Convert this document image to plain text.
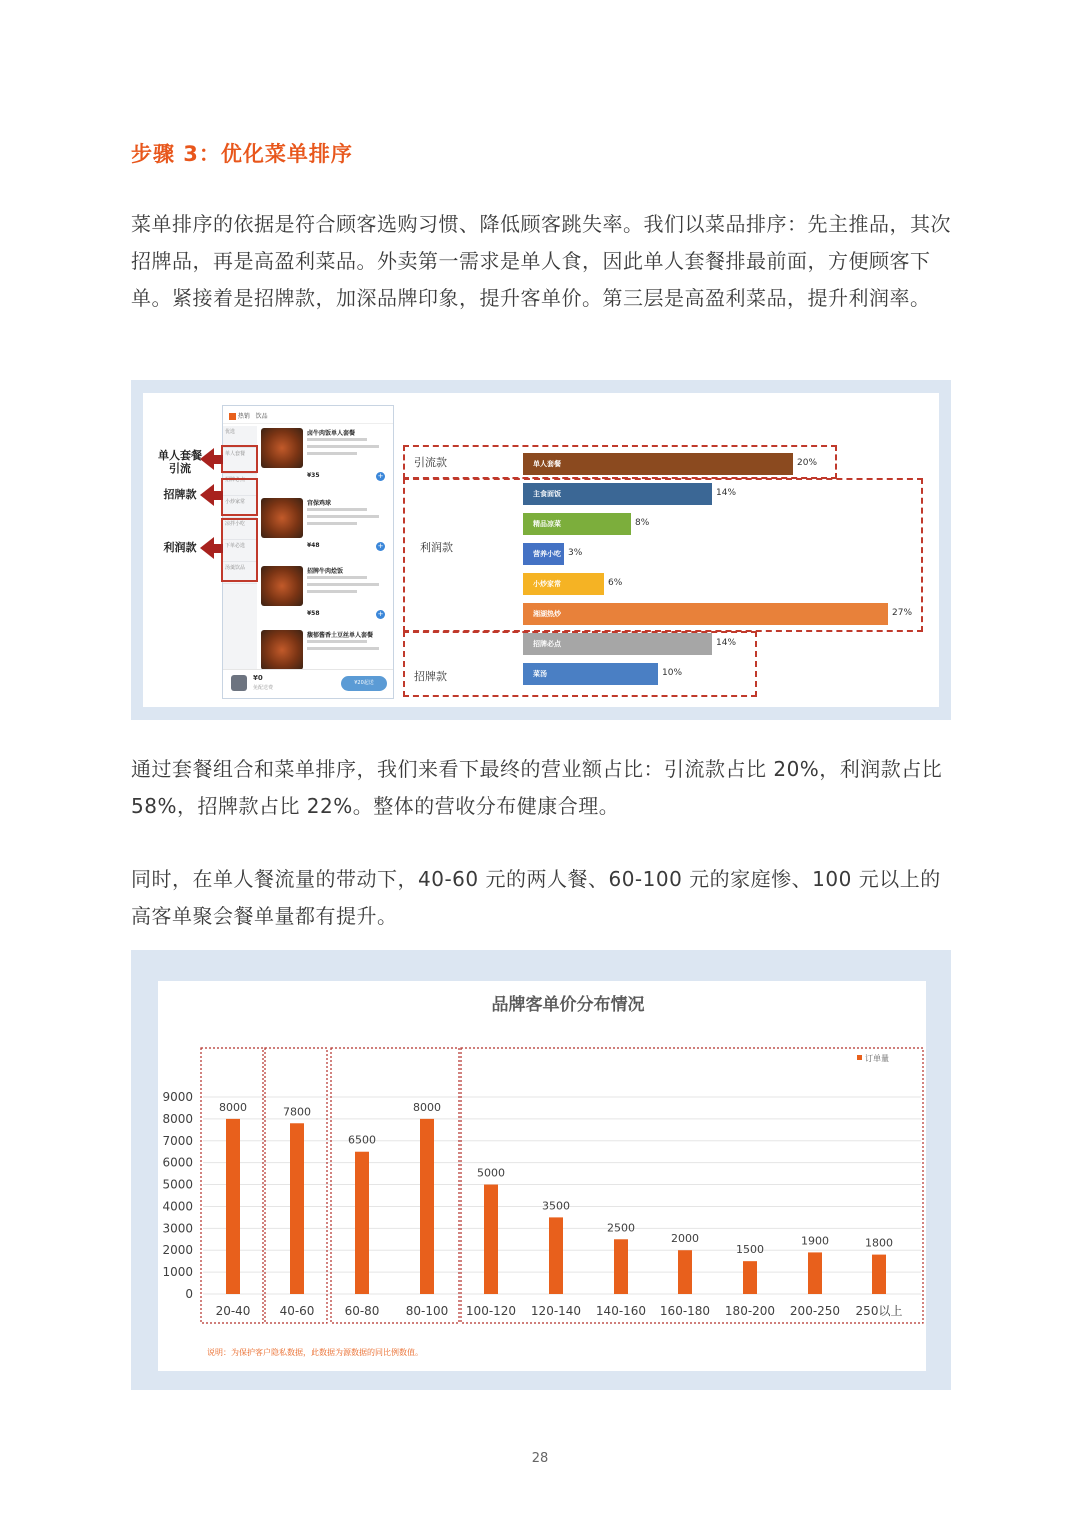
步骤 3：优化菜单排序
菜单排序的依据是符合顾客选购习惯、降低顾客跳失率。我们以菜品排序：先主推品，其次招牌品，再是高盈利菜品。外卖第一需求是单人食，因此单人套餐排最前面，方便顾客下单。紧接着是招牌款，加深品牌印象，提升客单价。第三层是高盈利菜品，提升利润率。
热销 饮品
优选
单人套餐
招牌必点
小炒家常
凉拌小吃
下单必选
汤羹饮品
卤牛肉饭单人套餐
¥35	+
宫保鸡球
¥48	+
招牌牛肉烩饭
¥58	+
馥郁酱香土豆丝单人套餐
¥0
免配送费
¥20起送
单人套餐
引流
招牌款
利润款
引流款
利润款
招牌款
单人套餐	20%
主食面饭	14%
精品凉菜	8%
营养小吃 3%
小炒家常	6%
湘湖热炒	27%
招牌必点	14%
菜汤	10%
通过套餐组合和菜单排序，我们来看下最终的营业额占比：引流款占比 20%，利润款占比 58%，招牌款占比 22%。整体的营收分布健康合理。
同时，在单人餐流量的带动下，40-60 元的两人餐、60-100 元的家庭惨、100 元以上的高客单聚会餐单量都有提升。
品牌客单价分布情况
0
1000
2000
3000
4000
5000
6000
7000
8000
9000
订单量
8000
20-40
7800
40-60
6500
60-80
8000
80-100
5000
100-120
3500
120-140
2500
140-160
2000
160-180
1500
180-200
1900
200-250
1800
250以上
说明：为保护客户隐私数据，此数据为源数据的同比例数值。
28
